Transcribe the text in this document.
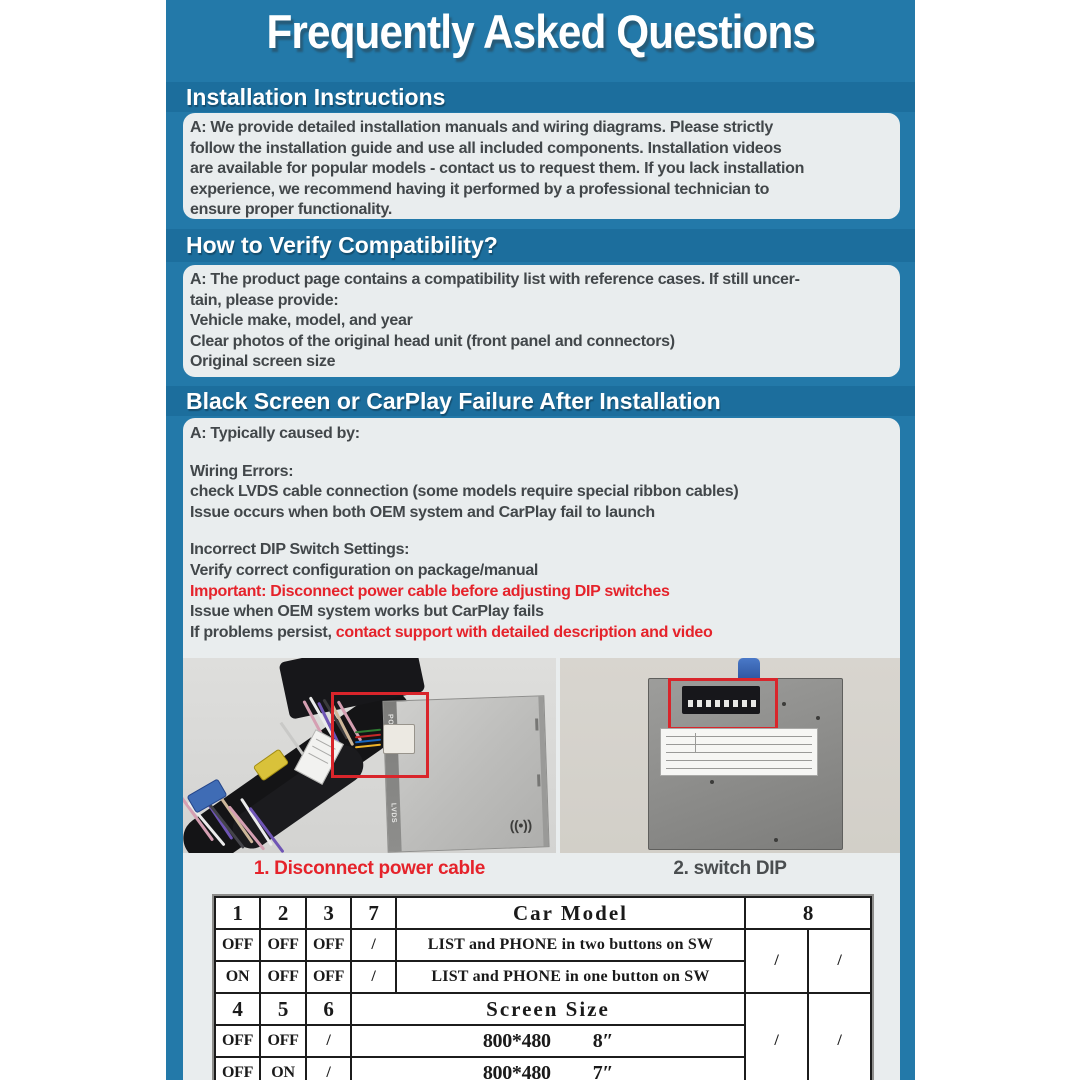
Frequently Asked Questions
Installation Instructions
A: We provide detailed installation manuals and wiring diagrams. Please strictly
follow the installation guide and use all included components. Installation videos
are available for popular models - contact us to request them. If you lack installation
experience, we recommend having it performed by a professional technician to
ensure proper functionality.
How to Verify Compatibility?
A: The product page contains a compatibility list with reference cases. If still uncer-
tain, please provide:
Vehicle make, model, and year
Clear photos of the original head unit (front panel and connectors)
Original screen size
Black Screen or CarPlay Failure After Installation
A: Typically caused by:
Wiring Errors:
check LVDS cable connection (some models require special ribbon cables)
Issue occurs when both OEM system and CarPlay fail to launch
Incorrect DIP Switch Settings:
Verify correct configuration on package/manual
Important: Disconnect power cable before adjusting DIP switches
Issue when OEM system works but CarPlay fails
If problems persist, contact support with detailed description and video
LVDS
((•))
1. Disconnect power cable	2. switch DIP
1	2	3	7	Car Model	8	
OFF	OFF	OFF	/	LIST and PHONE in two buttons on SW	/	/
ON	OFF	OFF	/	LIST and PHONE in one button on SW		
4	5	6	Screen Size		/	/
OFF	OFF	/	800*480 8″			
OFF	ON	/	800*480 7″			
